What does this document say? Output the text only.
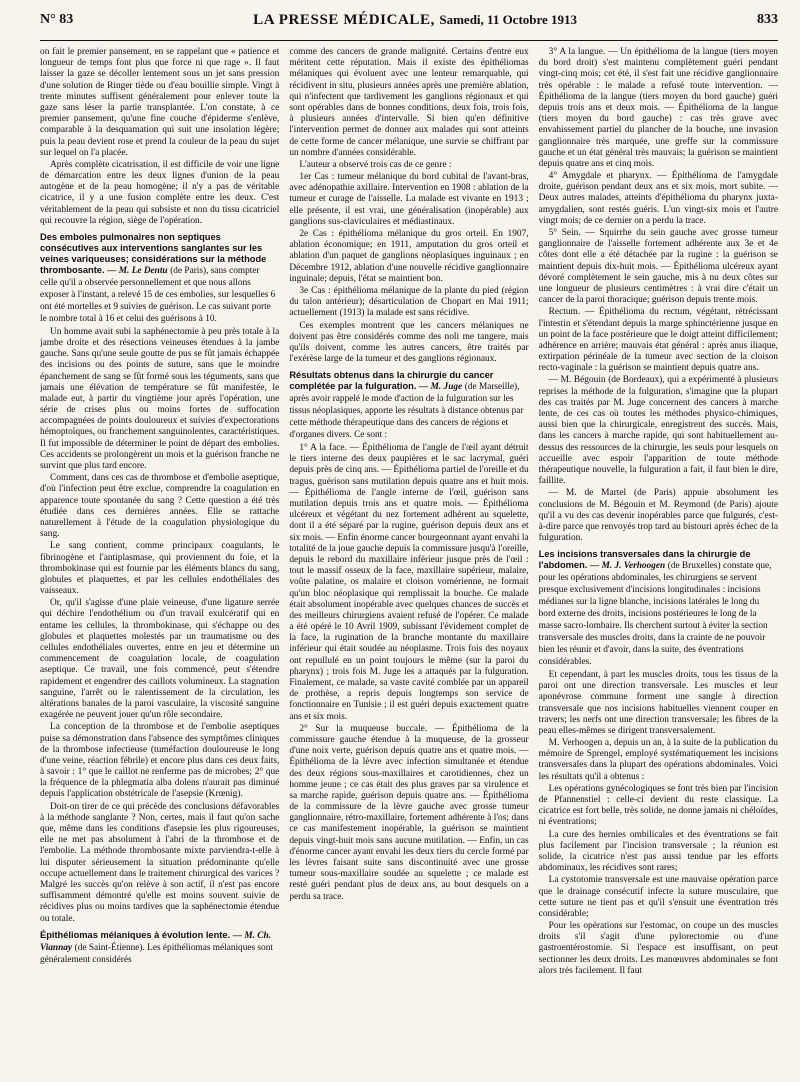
N° 83	LA PRESSE MÉDICALE, Samedi, 11 Octobre 1913	833

on fait le premier pansement, en se rappelant que « patience et longueur de temps font plus que force ni que rage ». Il faut laisser la gaze se décoller lentement sous un jet sans pression d'une solution de Ringer tiède ou d'eau bouillie simple. Vingt à trente minutes suffisent généralement pour enlever toute la gaze sans léser la partie transplantée. L'on constate, à ce premier pansement, qu'une fine couche d'épiderme s'enlève, comparable à la desquamation qui suit une insolation légère; puis la peau devient rose et prend la couleur de la peau du sujet sur lequel on l'a placée.

Après complète cicatrisation, il est difficile de voir une ligne de démarcation entre les deux lignes d'union de la peau autogène et de la peau homogène; il n'y a pas de véritable cicatrice, il y a une fusion complète entre les deux. C'est véritablement de la peau qui subsiste et non du tissu cicatriciel qui recouvre la région, siège de l'opération.

Des emboles pulmonaires non septiques consécutives aux interventions sanglantes sur les veines variqueuses; considérations sur la méthode thrombosante. — M. Le Dentu (de Paris), sans compter celle qu'il a observée personnellement et que nous allons exposer à l'instant, a relevé 15 de ces embolies, sur lesquelles 6 ont été mortelles et 9 suivies de guérison. Le cas suivant porte le nombre total à 16 et celui des guérisons à 10.

Un homme avait subi la saphénectomie à peu près totale à la jambe droite et des résections veineuses étendues à la jambe gauche. Sans qu'une seule goutte de pus se fût jamais échappée des incisions ou des points de suture, sans que le moindre épanchement de sang se fût formé sous les téguments, sans que jamais une élévation de température se fût manifestée, le malade eut, à partir du vingtième jour après l'opération, une série de crises plus ou moins fortes de suffocation accompagnées de points douloureux et suivies d'expectorations hémoptoïques, ou franchement sanguinolentes, caractéristiques. Il fut impossible de déterminer le point de départ des embolies. Ces accidents se prolongèrent un mois et la guérison franche ne survint que plus tard encore.

Comment, dans ces cas de thrombose et d'embolie aseptique, d'où l'infection peut être exclue, comprendre la coagulation en apparence toute spontanée du sang ? Cette question a été très étudiée dans ces dernières années. Elle se rattache naturellement à l'étude de la coagulation physiologique du sang.

Le sang contient, comme principaux coagulants, le fibrinogène et l'antiplasmase, qui proviennent du foie, et la thrombokinase qui est fournie par les éléments blancs du sang, globules et plaquettes, et par les cellules endothéliales des vaisseaux.

Or, qu'il s'agisse d'une plaie veineuse, d'une ligature serrée qui déchire l'endothélium ou d'un travail exulcératif qui en entame les cellules, la thrombokinase, qui s'échappe ou des globules et plaquettes molestés par un traumatisme ou des cellules endothéliales ouvertes, entre en jeu et détermine un commencement de coagulation locale, de coagulation aseptique. Ce travail, une fois commencé, peut s'étendre rapidement et engendrer des caillots volumineux. La stagnation sanguine, l'arrêt ou le ralentissement de la circulation, les altérations banales de la paroi vasculaire, la viscosité sanguine exagérée ne peuvent jouer qu'un rôle secondaire.

La conception de la thrombose et de l'embolie aseptiques puise sa démonstration dans l'absence des symptômes cliniques de la thrombose infectieuse (tuméfaction douloureuse le long d'une veine, réaction fébrile) et encore plus dans ces deux faits, à savoir : 1° que le caillot ne renferme pas de microbes; 2° que la fréquence de la phlegmatia alba dolens n'aurait pas diminué depuis l'application obstétricale de l'asepsie (Krœnig).

Doit-on tirer de ce qui précède des conclusions défavorables à la méthode sanglante ? Non, certes, mais il faut qu'on sache que, même dans les conditions d'asepsie les plus rigoureuses, elle ne met pas absolument à l'abri de la thrombose et de l'embolie. La méthode thrombosante mixte parviendra-t-elle à lui disputer sérieusement la situation prédominante qu'elle occupe actuellement dans le traitement chirurgical des varices ? Malgré les succès qu'on relève à son actif, il n'est pas encore suffisamment démontré qu'elle est moins souvent suivie de récidives plus ou moins tardives que la saphénectomie étendue ou totale.

Épithéliomas mélaniques à évolution lente. — M. Ch. Viannay (de Saint-Étienne). Les épithéliomas mélaniques sont généralement considérés

comme des cancers de grande malignité. Certains d'entre eux méritent cette réputation. Mais il existe des épithéliomas mélaniques qui évoluent avec une lenteur remarquable, qui récidivent in situ, plusieurs années après une première ablation, qui n'infectent que tardivement les ganglions régionaux et qui sont opérables dans de bonnes conditions, deux fois, trois fois, à plusieurs années d'intervalle. Si bien qu'en définitive l'intervention permet de donner aux malades qui sont atteints de cette forme de cancer mélanique, une survie se chiffrant par un nombre d'années considérable.

L'auteur a observé trois cas de ce genre :

1er Cas : tumeur mélanique du bord cubital de l'avant-bras, avec adénopathie axillaire. Intervention en 1908 : ablation de la tumeur et curage de l'aisselle. La malade est vivante en 1913 ; elle présente, il est vrai, une généralisation (inopérable) aux ganglions sus-claviculaires et médiastinaux.

2e Cas : épithélioma mélanique du gros orteil. En 1907, ablation économique; en 1911, amputation du gros orteil et ablation d'un paquet de ganglions néoplasiques inguinaux ; en Décembre 1912, ablation d'une nouvelle récidive ganglionnaire inguinale; depuis, l'état se maintient bon.

3e Cas : épithélioma mélanique de la plante du pied (région du talon antérieur); désarticulation de Chopart en Mai 1911; actuellement (1913) la malade est sans récidive.

Ces exemples montrent que les cancers mélaniques ne doivent pas être considérés comme des noli me tangere, mais qu'ils doivent, comme les autres cancers, être traités par l'exérèse large de la tumeur et des ganglions régionaux.

Résultats obtenus dans la chirurgie du cancer complétée par la fulguration. — M. Juge (de Marseille), après avoir rappelé le mode d'action de la fulguration sur les tissus néoplasiques, apporte les résultats à distance obtenus par cette méthode thérapeutique dans des cancers de régions et d'organes divers. Ce sont :

1° A la face. — Épithélioma de l'angle de l'œil ayant détruit le tiers interne des deux paupières et le sac lacrymal, guéri depuis près de cinq ans. — Épithélioma partiel de l'oreille et du tragus, guérison sans mutilation depuis quatre ans et huit mois. — Épithélioma de l'angle interne de l'œil, guérison sans mutilation depuis trois ans et quatre mois. — Épithélioma ulcéreux et végétant du nez fortement adhérent au squelette, dont il a été séparé par la rugine, guérison depuis deux ans et six mois. — Enfin énorme cancer bourgeonnant ayant envahi la totalité de la joue gauche depuis la commissure jusqu'à l'oreille, depuis le rebord du maxillaire inférieur jusque près de l'œil : tout le massif osseux de la face, maxillaire supérieur, malaire, voûte palatine, os malaire et cloison vomérienne, ne formait qu'un bloc néoplasique qui remplissait la bouche. Ce malade était absolument inopérable avec quelques chances de succès et des meilleurs chirurgiens avaient refusé de l'opérer. Ce malade a été opéré le 10 Avril 1909, subissant l'évidement complet de la face, la rugination de la branche montante du maxillaire inférieur qui était soudée au néoplasme. Trois fois des noyaux ont repullulé en un point toujours le même (sur la paroi du pharynx) ; trois fois M. Juge les a attaqués par la fulguration. Finalement, ce malade, sa vaste cavité comblée par un appareil de prothèse, a repris depuis longtemps son service de fonctionnaire en Tunisie ; il est guéri depuis exactement quatre ans et six mois.

2° Sur la muqueuse buccale. — Épithélioma de la commissure gauche étendue à la muqueuse, de la grosseur d'une noix verte, guérison depuis quatre ans et quatre mois. — Épithélioma de la lèvre avec infection simultanée et étendue des deux régions sous-maxillaires et carotidiennes, chez un homme jeune ; ce cas était des plus graves par sa virulence et sa marche rapide, guérison depuis quatre ans. — Épithélioma de la commissure de la lèvre gauche avec grosse tumeur ganglionnaire, rétro-maxillaire, fortement adhérente à l'os; dans ce cas manifestement inopérable, la guérison se maintient depuis vingt-huit mois sans aucune mutilation. — Enfin, un cas d'énorme cancer ayant envahi les deux tiers du cercle formé par les lèvres faisant suite sans discontinuité avec une grosse tumeur sous-maxillaire soudée au squelette ; ce malade est resté guéri pendant plus de deux ans, au bout desquels on a perdu sa trace.

3° A la langue. — Un épithélioma de la langue (tiers moyen du bord droit) s'est maintenu complètement guéri pendant vingt-cinq mois; cet été, il s'est fait une récidive ganglionnaire très opérable : le malade a refusé toute intervention. — Épithélioma de la langue (tiers moyen du bord gauche) guéri depuis trois ans et deux mois. — Épithélioma de la langue (tiers moyen du bord gauche) : cas très grave avec envahissement partiel du plancher de la bouche, une invasion ganglionnaire très marquée, une greffe sur la commissure gauche et un état général très mauvais; la guérison se maintient depuis quatre ans et cinq mois.

4° Amygdale et pharynx. — Épithélioma de l'amygdale droite, guérison pendant deux ans et six mois, mort subite. — Deux autres malades, atteints d'épithélioma du pharynx juxta-amygdalien, sont restés guéris. L'un vingt-six mois et l'autre vingt mois; de ce dernier on a perdu la trace.

5° Sein. — Squirrhe du sein gauche avec grosse tumeur ganglionnaire de l'aisselle fortement adhérente aux 3e et 4e côtes dont elle a été détachée par la rugine : la guérison se maintient depuis dix-huit mois. — Épithélioma ulcéreux ayant dévoré complètement le sein gauche, mis à nu deux côtes sur une longueur de plusieurs centimètres : à vrai dire c'était un cancer de la paroi thoracique; guérison depuis trente mois.

Rectum. — Épithélioma du rectum, végétant, rétrécissant l'intestin et s'étendant depuis la marge sphinctérienne jusque en un point de la face postérieure que le doigt atteint difficilement; adhérence en arrière; mauvais état général : après anus iliaque, extirpation périnéale de la tumeur avec section de la cloison recto-vaginale : la guérison se maintient depuis quatre ans.

— M. Bégouin (de Bordeaux), qui a expérimenté à plusieurs reprises la méthode de la fulguration, s'imagine que la plupart des cas traités par M. Juge concernent des cancers à marche lente, de ces cas où toutes les méthodes physico-chimiques, aussi bien que la chirurgicale, enregistrent des succès. Mais, dans les cancers à marche rapide, qui sont habituellement au-dessus des ressources de la chirurgie, les seuls pour lesquels on accueille avec espoir l'apparition de toute méthode thérapeutique nouvelle, la fulguration a fait, il faut bien le dire, faillite.

— M. de Martel (de Paris) appuie absolument les conclusions de M. Bégouin et M. Reymond (de Paris) ajoute qu'il a vu des cas devenir inopérables parce que fulgurés, c'est-à-dire parce que renvoyés trop tard au bistouri après échec de la fulguration.

Les incisions transversales dans la chirurgie de l'abdomen. — M. J. Verhoogen (de Bruxelles) constate que, pour les opérations abdominales, les chirurgiens se servent presque exclusivement d'incisions longitudinales : incisions médianes sur la ligne blanche, incisions latérales le long du bord externe des droits, incisions postérieures le long de la masse sacro-lombaire. Ils cherchent surtout à éviter la section transversale des muscles droits, dans la crainte de ne pouvoir bien les réunir et d'avoir, dans la suite, des éventrations considérables.

Et cependant, à part les muscles droits, tous les tissus de la paroi ont une direction transversale. Les muscles et leur aponévrose commune forment une sangle à direction transversale que nos incisions habituelles viennent couper en travers; les nerfs ont une direction transversale; les fibres de la peau elles-mêmes se dirigent transversalement.

M. Verhoogen a, depuis un an, à la suite de la publication du mémoire de Sprengel, employé systématiquement les incisions transversales dans la plupart des opérations abdominales. Voici les résultats qu'il a obtenus :

Les opérations gynécologiques se font très bien par l'incision de Pfannenstiel : celle-ci devient du reste classique. La cicatrice est fort belle, très solide, ne donne jamais ni chéloïdes, ni éventrations;

La cure des hernies ombilicales et des éventrations se fait plus facilement par l'incision transversale ; la réunion est solide, la cicatrice n'est pas aussi tendue par les efforts abdominaux, les récidives sont rares;

La cystotomie transversale est une mauvaise opération parce que le drainage consécutif infecte la suture musculaire, que cette suture ne tient pas et qu'il s'ensuit une éventration très considérable;

Pour les opérations sur l'estomac, on coupe un des muscles droits s'il s'agit d'une pylorectomie ou d'une gastroentérostomie. Si l'espace est insuffisant, on peut sectionner les deux droits. Les manœuvres abdominales se font alors très facilement. Il faut
